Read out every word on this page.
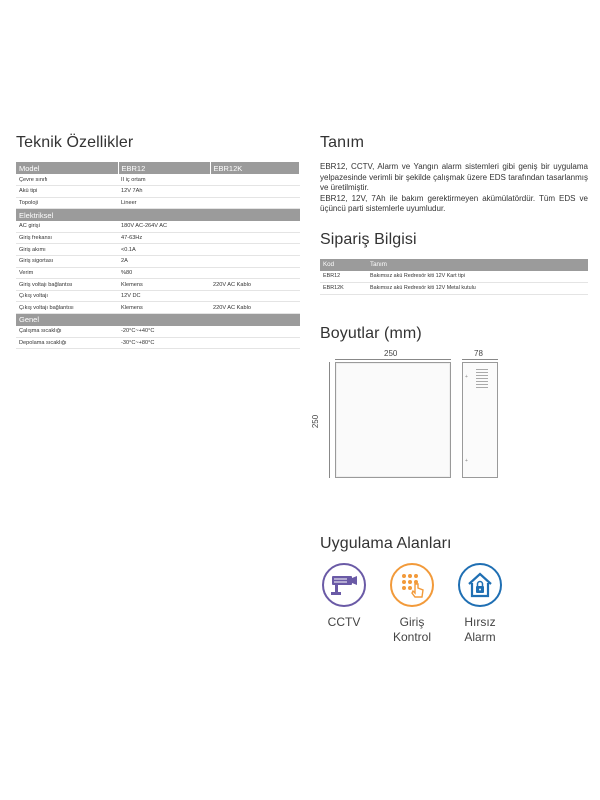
Teknik Özellikler
Model	EBR12	EBR12K
Çevre sınıfı	II iç ortam	
Akü tipi	12V 7Ah	
Topoloji	Lineer	
Elektriksel		
AC girişi	180V AC-264V AC	
Giriş frekansı	47-63Hz	
Giriş akımı	<0.1A	
Giriş sigortası	2A	
Verim	%80	
Giriş voltajı bağlantısı	Klemens	220V AC Kablo
Çıkış voltajı	12V DC	
Çıkış voltajı bağlantısı	Klemens	220V AC Kablo
Genel		
Çalışma sıcaklığı	-20°C~+40°C	
Depolama sıcaklığı	-30°C~+80°C	
Tanım

EBR12, CCTV, Alarm ve Yangın alarm sistemleri gibi geniş bir uygulama yelpazesinde verimli bir şekilde çalışmak üzere EDS tarafından tasarlanmış ve üretilmiştir.

EBR12, 12V, 7Ah ile bakım gerektirmeyen akümülatördür. Tüm EDS ve üçüncü parti sistemlerle uyumludur.

Sipariş Bilgisi
Kod	Tanım
EBR12	Bakımsız akü Redresör kiti 12V Kart tipi
EBR12K	Bakımsız akü Redresör kiti 12V Metal kutulu
Boyutlar (mm)
250	78
250
+
+
Uygulama Alanları
CCTV	Giriş
Kontrol
Hırsız
Alarm
